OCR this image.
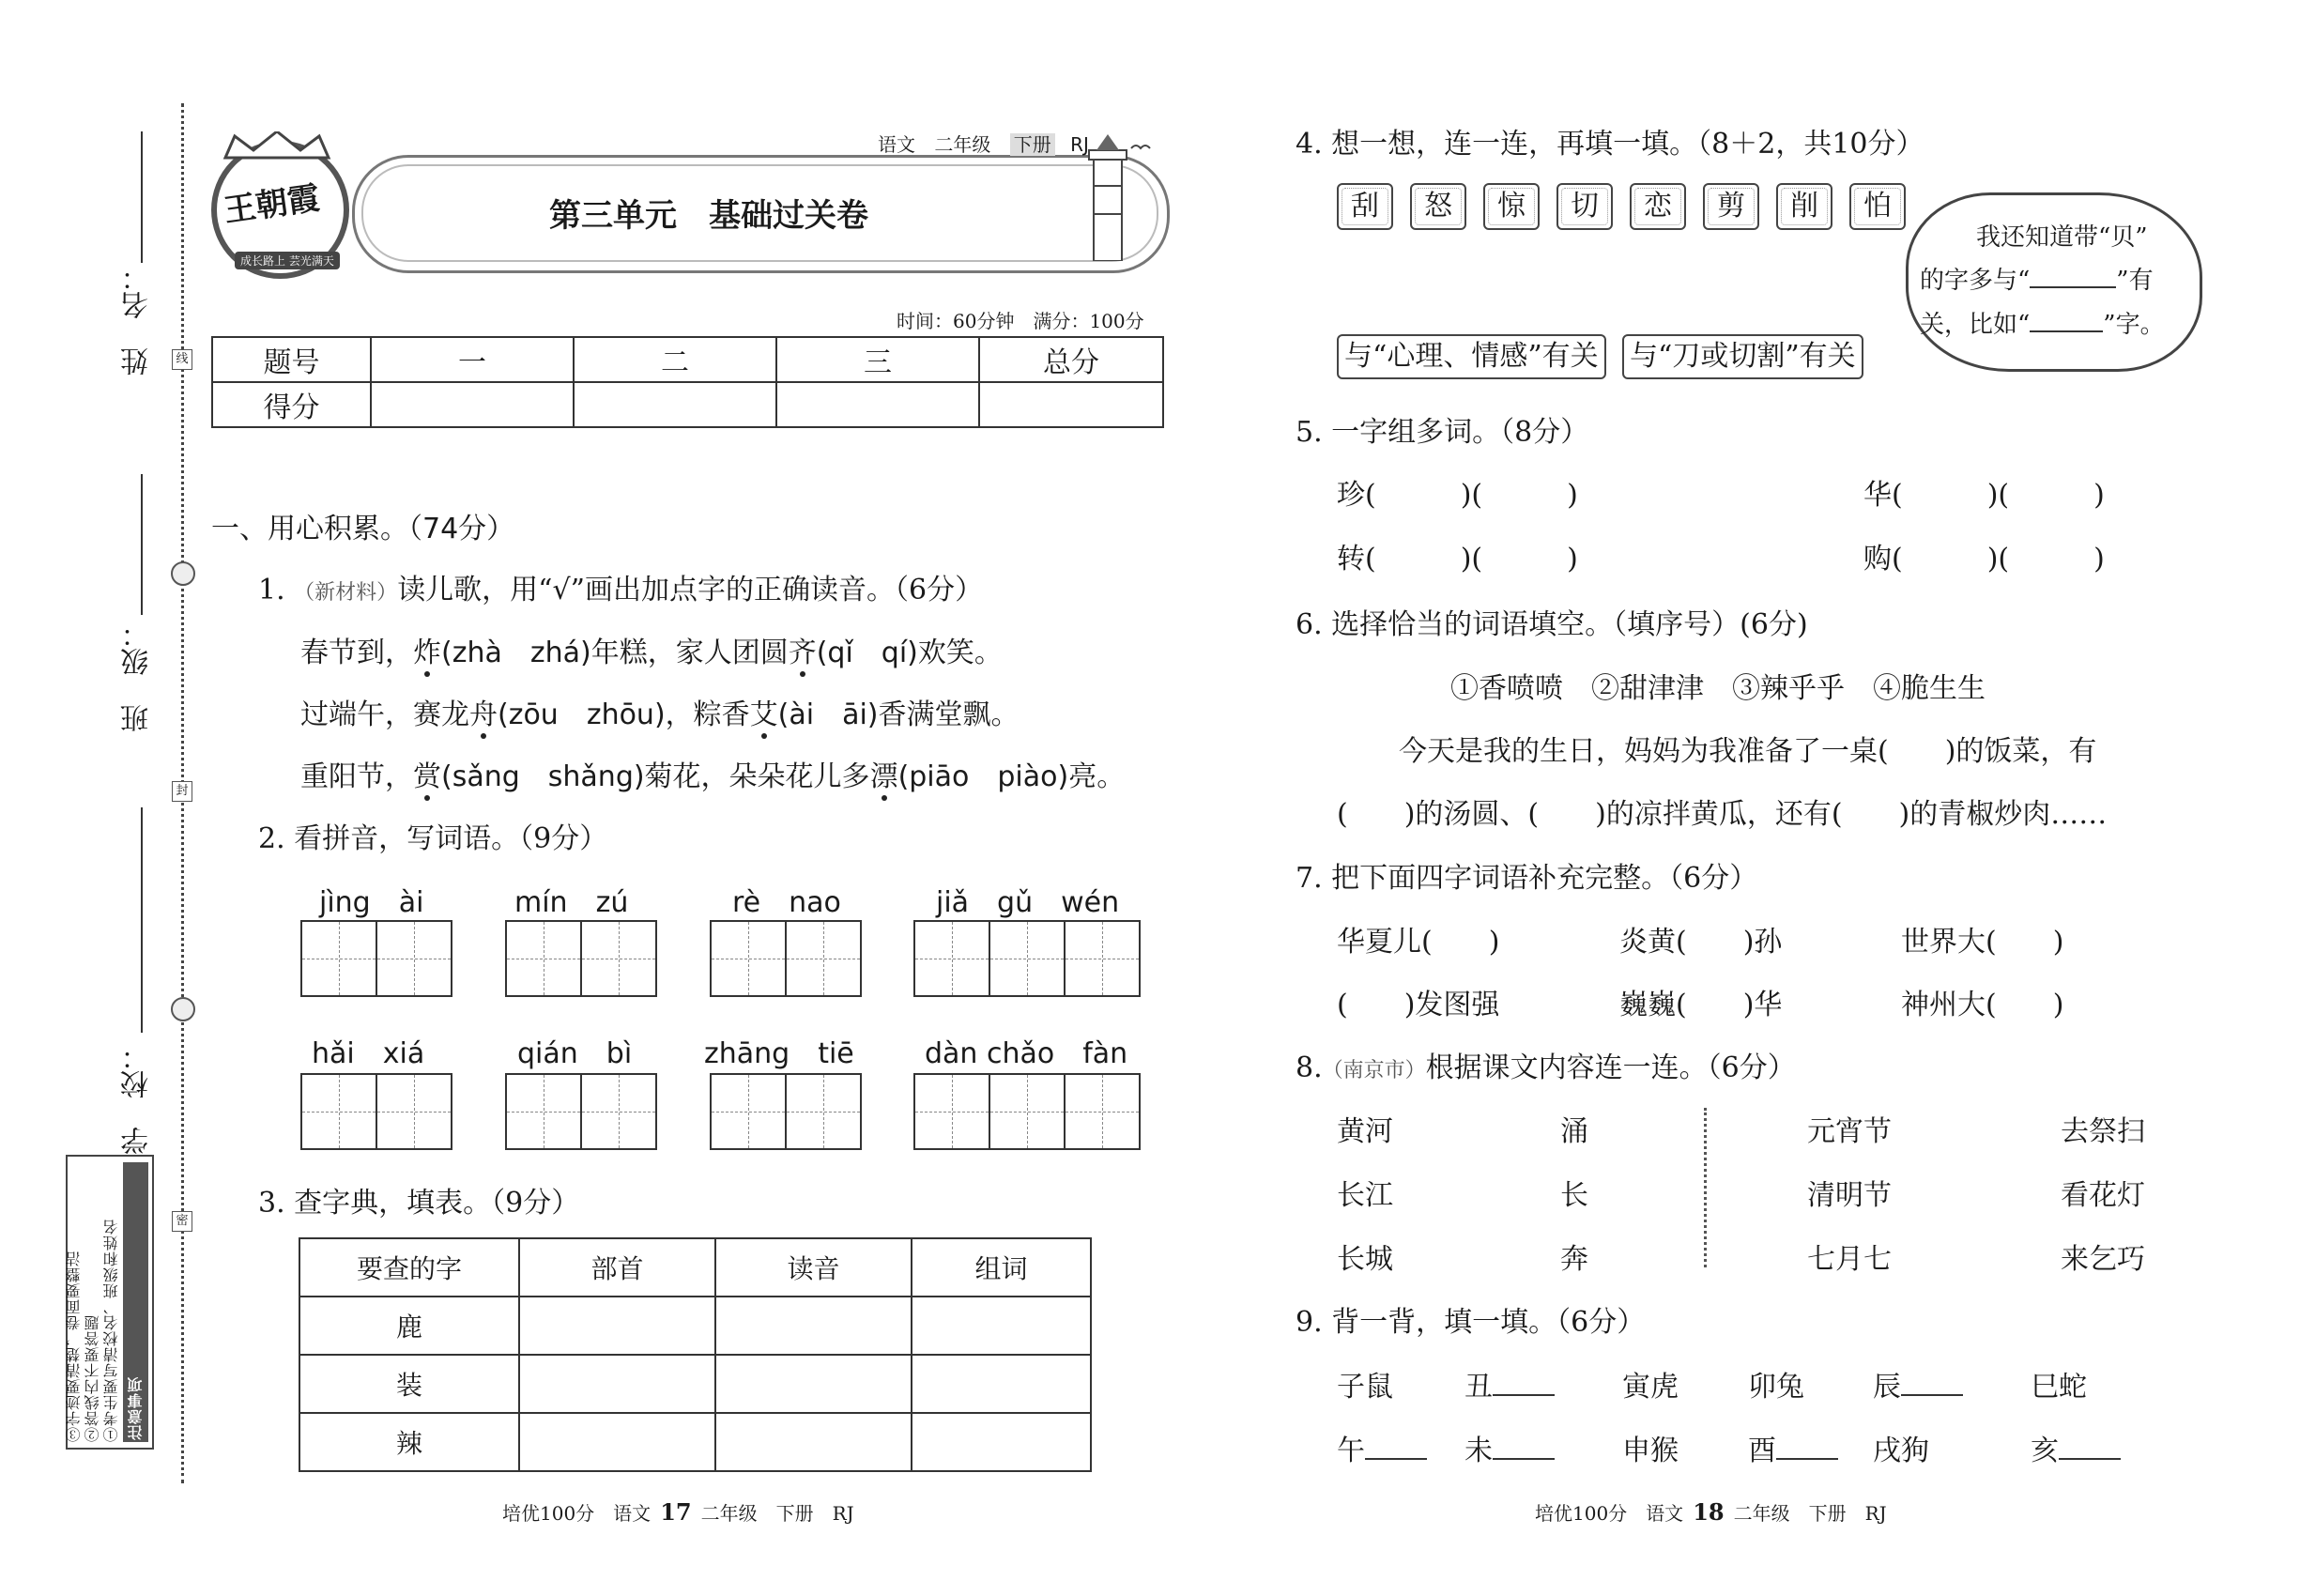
姓　名：
班　级：
学　校：
线
封
密
注意事项
①考生要写清校名、班级和姓名
②答线内不要答题
③字迹要清楚，卷面要整洁
王朝霞
成长路上 芸光满天
语文 二年级 下册 RJ
第三单元　基础过关卷
时间：60分钟　满分：100分
题号	一	二	三	总分
得分				
一、用心积累。（74分）
1. （新材料）读儿歌，用“√”画出加点字的正确读音。（6分）
春节到，炸(zhà　zhá)年糕，家人团圆齐(qǐ　qí)欢笑。
过端午，赛龙舟(zōu　zhōu)，粽香艾(ài　āi)香满堂飘。
重阳节，赏(sǎng　shǎng)菊花，朵朵花儿多漂(piāo　piào)亮。
2. 看拼音，写词语。（9分）
jìng　ài	mín　zú	rè　nao	jiǎ　gǔ　wén
hǎi　xiá	qián　bì	zhāng　tiē	dàn chǎo　fàn
3. 查字典，填表。（9分）
要查的字	部首	读音	组词
鹿			
装			
辣			
4. 想一想，连一连，再填一填。（8＋2，共10分）
刮	怒	惊	切	恋	剪	削	怕
与“心理、情感”有关 与“刀或切割”有关
我还知道带“贝”
的字多与“	”有
关，比如“	”字。
5. 一字组多词。（8分）
珍(　　　)(　　　)	华(　　　)(　　　)
转(　　　)(　　　)	购(　　　)(　　　)
6. 选择恰当的词语填空。（填序号）(6分)
①香喷喷　②甜津津　③辣乎乎　④脆生生
今天是我的生日，妈妈为我准备了一桌(　　)的饭菜，有
(　　)的汤圆、(　　)的凉拌黄瓜，还有(　　)的青椒炒肉……
7. 把下面四字词语补充完整。（6分）
华夏儿(　　)	炎黄(　　)孙	世界大(　　)
(　　)发图强	巍巍(　　)华	神州大(　　)
8.（南京市）根据课文内容连一连。（6分）
黄河
长江
长城
涌
长
奔
元宵节
清明节
七月七
去祭扫
看花灯
来乞巧
9. 背一背，填一填。（6分）
子鼠	丑	寅虎 卯兔 辰	巳蛇
午	未	申猴 酉	戌狗	亥
培优100分　语文 17 二年级　下册　RJ	培优100分　语文 18 二年级　下册　RJ
